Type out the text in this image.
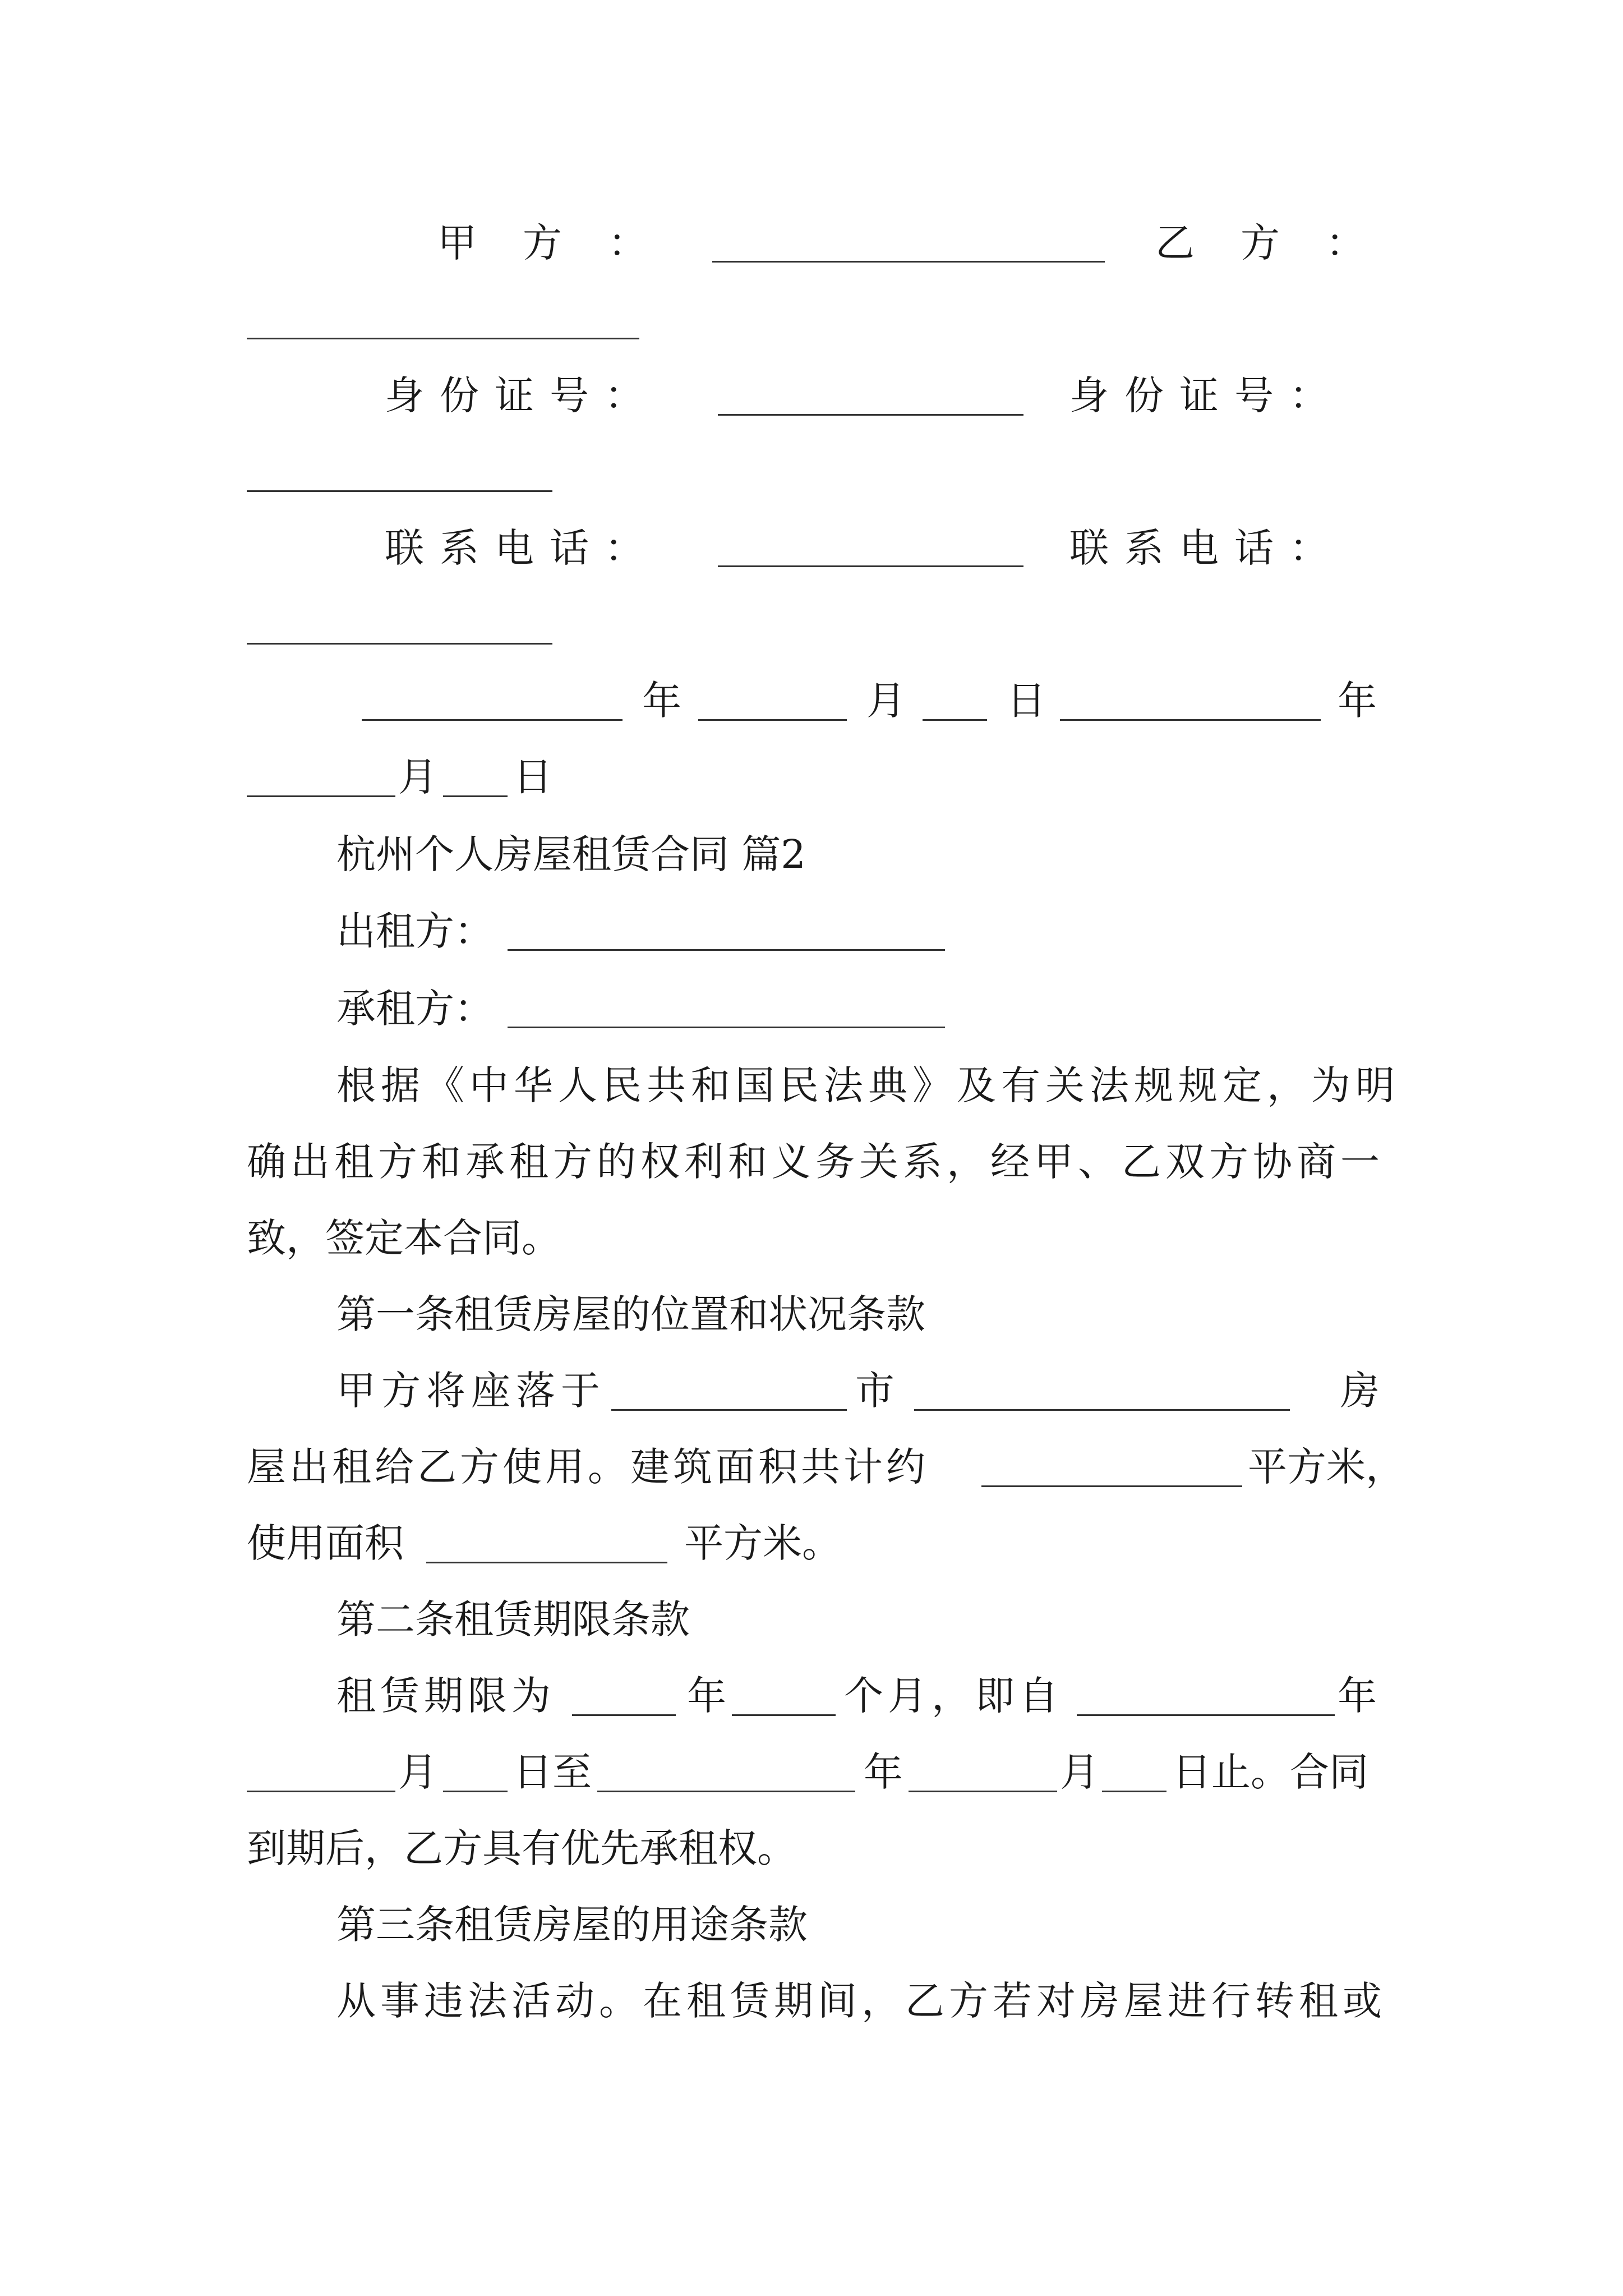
甲方：	乙方：
身份证号：	身份证号：
联系电话：	联系电话：
年	月	日	年
月 日
杭州个人房屋租赁合同 篇2
出租方：
承租方：
根据《中华人民共和国民法典》及有关法规规定，为明
确出租方和承租方的权利和义务关系，经甲、乙双方协商一
致，签定本合同。
第一条租赁房屋的位置和状况条款
甲方将座落于	市	房
屋出租给乙方使用。建筑面积共计约	平方米，
使用面积	平方米。
第二条租赁期限条款
租赁期限为	年	个月，即自	年
月 日至	年	月 日止。合同
到期后，乙方具有优先承租权。
第三条租赁房屋的用途条款
从事违法活动。在租赁期间，乙方若对房屋进行转租或
